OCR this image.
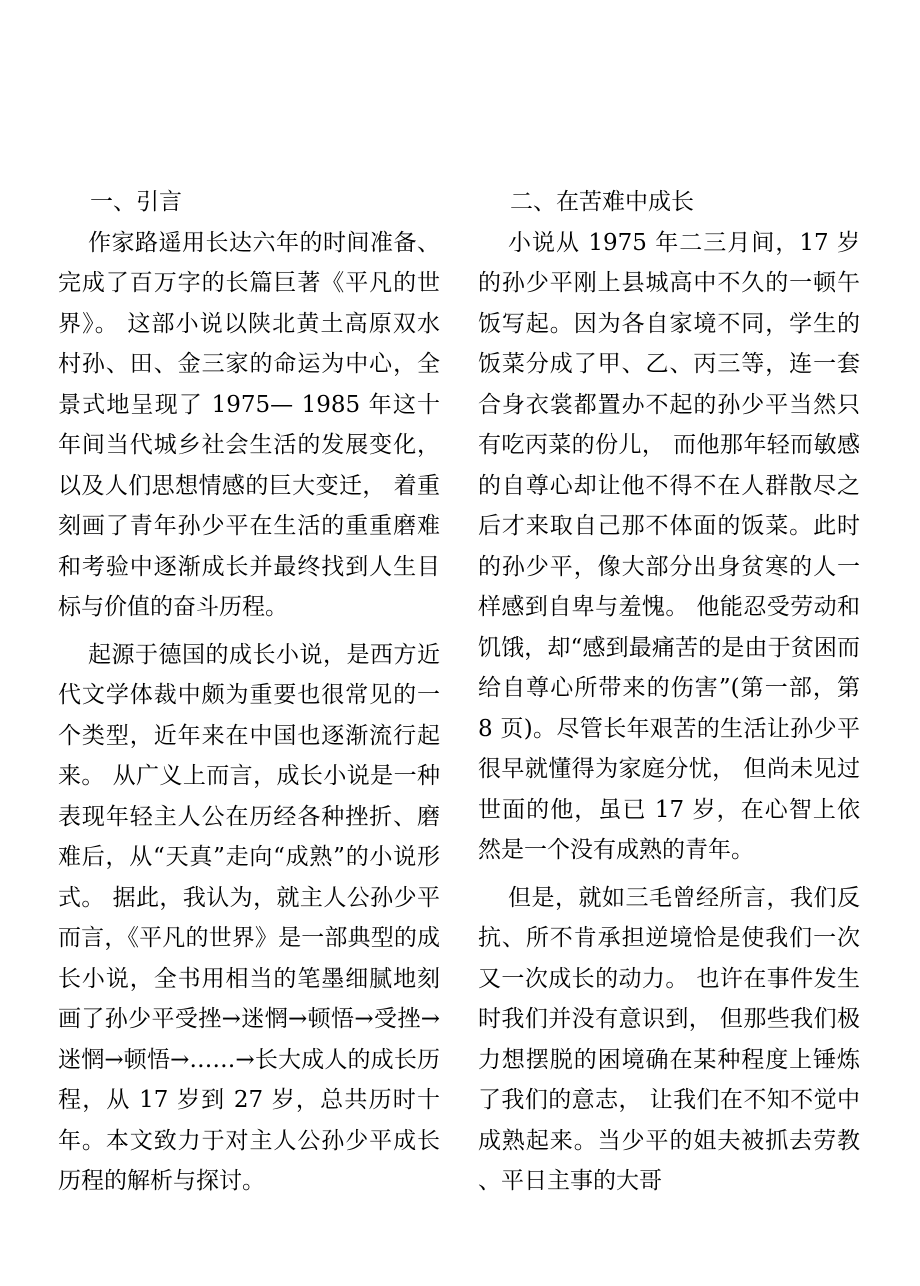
一、引言

作家路遥用长达六年的时间准备、完成了百万字的长篇巨著《平凡的世界》。 这部小说以陕北黄土高原双水村孙、田、金三家的命运为中心，全景式地呈现了 1975— 1985 年这十年间当代城乡社会生活的发展变化， 以及人们思想情感的巨大变迁， 着重刻画了青年孙少平在生活的重重磨难和考验中逐渐成长并最终找到人生目标与价值的奋斗历程。

起源于德国的成长小说，是西方近代文学体裁中颇为重要也很常见的一个类型，近年来在中国也逐渐流行起来。 从广义上而言，成长小说是一种表现年轻主人公在历经各种挫折、磨难后，从“天真”走向“成熟”的小说形式。 据此，我认为，就主人公孙少平而言，《平凡的世界》是一部典型的成长小说，全书用相当的笔墨细腻地刻画了孙少平受挫→迷惘→顿悟→受挫→迷惘→顿悟→……→长大成人的成长历程，从 17 岁到 27 岁，总共历时十年。本文致力于对主人公孙少平成长历程的解析与探讨。

二、在苦难中成长

小说从 1975 年二三月间，17 岁的孙少平刚上县城高中不久的一顿午饭写起。因为各自家境不同，学生的饭菜分成了甲、乙、丙三等，连一套合身衣裳都置办不起的孙少平当然只有吃丙菜的份儿， 而他那年轻而敏感的自尊心却让他不得不在人群散尽之后才来取自己那不体面的饭菜。此时的孙少平，像大部分出身贫寒的人一样感到自卑与羞愧。 他能忍受劳动和饥饿，却“感到最痛苦的是由于贫困而给自尊心所带来的伤害”(第一部，第 8 页)。尽管长年艰苦的生活让孙少平很早就懂得为家庭分忧， 但尚未见过世面的他，虽已 17 岁，在心智上依然是一个没有成熟的青年。

但是，就如三毛曾经所言，我们反抗、所不肯承担逆境恰是使我们一次又一次成长的动力。 也许在事件发生时我们并没有意识到， 但那些我们极力想摆脱的困境确在某种程度上锤炼了我们的意志， 让我们在不知不觉中成熟起来。当少平的姐夫被抓去劳教、平日主事的大哥
